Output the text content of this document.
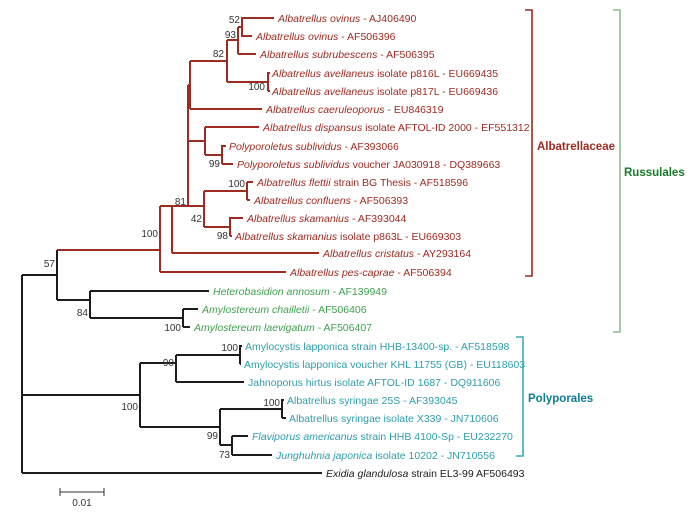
Albatrellus ovinus - AJ406490
Albatrellus ovinus - AF506396
Albatrellus subrubescens - AF506395
Albatrellus avellaneus isolate p816L - EU669435
Albatrellus avellaneus isolate p817L - EU669436
Albatrellus caeruleoporus - EU846319
Albatrellus dispansus isolate AFTOL-ID 2000 - EF551312
Polyporoletus sublividus - AF393066
Polyporoletus sublividus voucher JA030918 - DQ389663
Albatrellus flettii strain BG Thesis - AF518596
Albatrellus confluens - AF506393
Albatrellus skamanius - AF393044
Albatrellus skamanius isolate p863L - EU669303
Albatrellus cristatus - AY293164
Albatrellus pes-caprae - AF506394
Heterobasidion annosum - AF139949
Amylostereum chailletii - AF506406
Amylostereum laevigatum - AF506407
Amylocystis lapponica strain HHB-13400-sp. - AF518598
Amylocystis lapponica voucher KHL 11755 (GB) - EU118603
Jahnoporus hirtus isolate AFTOL-ID 1687 - DQ911606
Albatrellus syringae 25S - AF393045
Albatrellus syringae isolate X339 - JN710606
Flaviporus americanus strain HHB 4100-Sp - EU232270
Junghuhnia japonica isolate 10202 - JN710556
Exidia glandulosa strain EL3-99 AF506493
52
93
82
100
99
100
81
42
98
100
57
84
100
100
90
100	100
99
73
Albatrellaceae
Russulales
Polyporales
0.01
